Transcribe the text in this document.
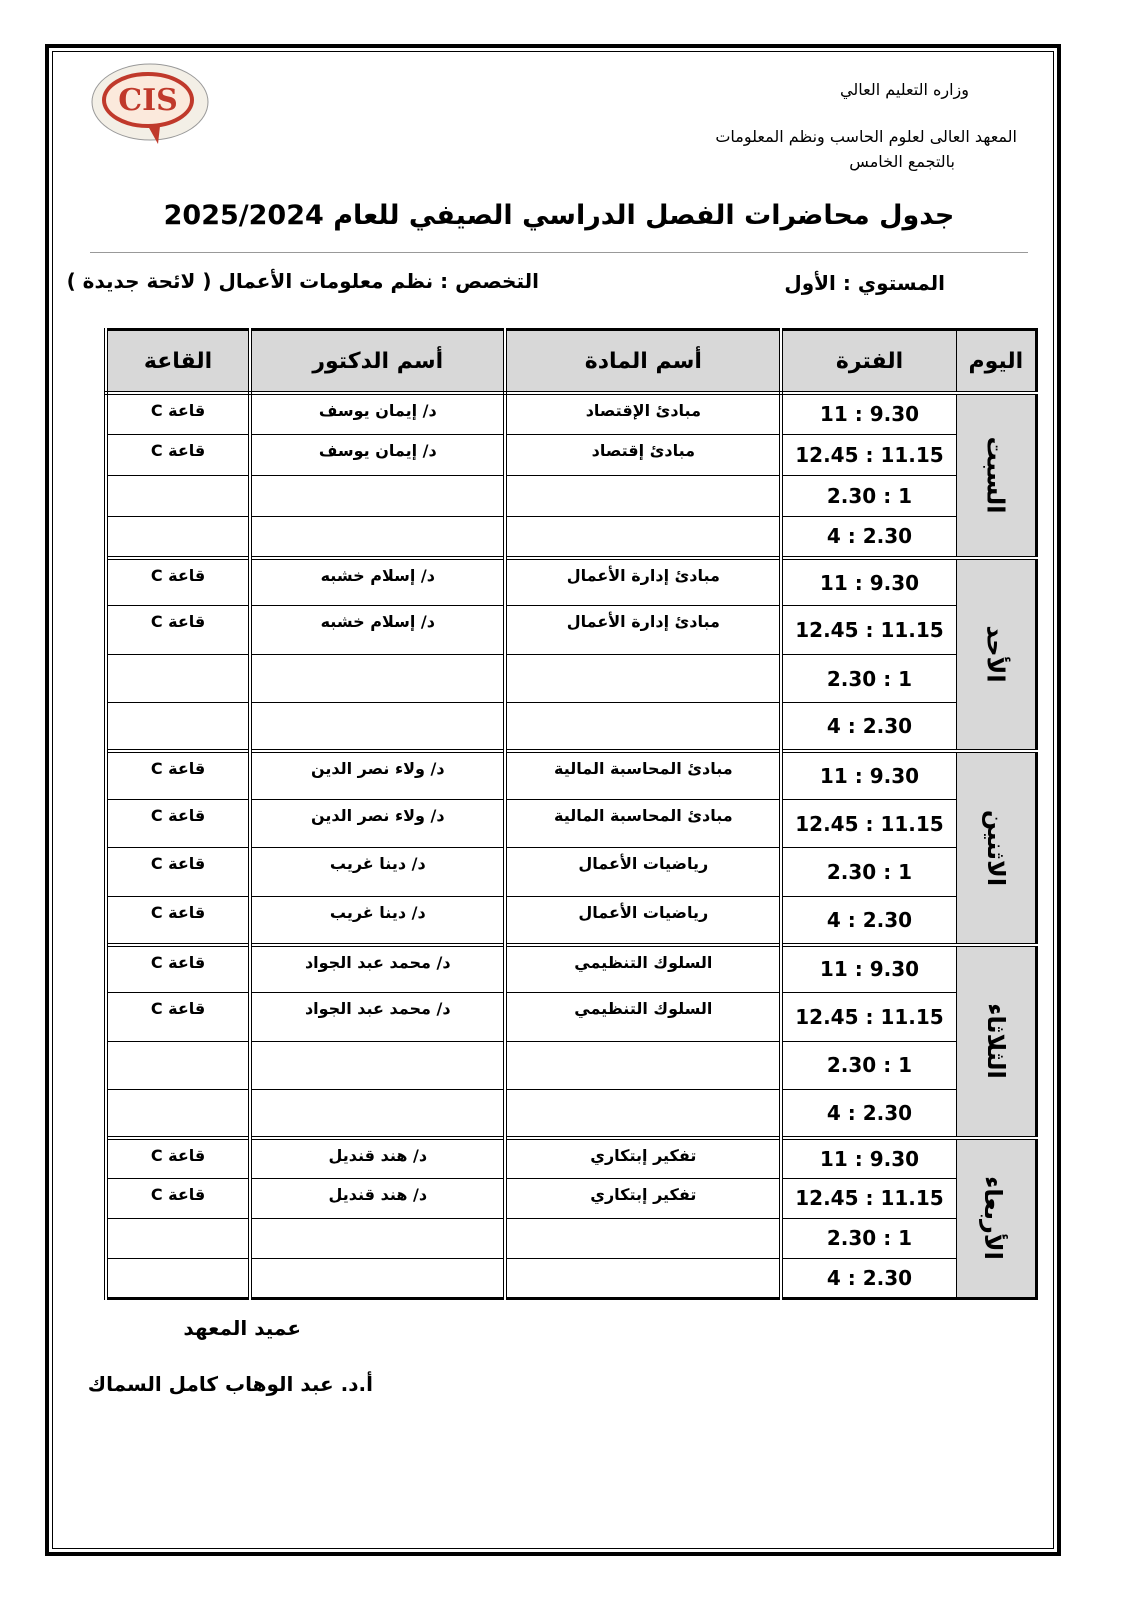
CIS	وزاره التعليم العالي
المعهد العالى لعلوم الحاسب ونظم المعلومات
بالتجمع الخامس
جدول محاضرات الفصل الدراسي الصيفي للعام 2025/2024
المستوي : الأول
التخصص : نظم معلومات الأعمال ( لائحة جديدة )
اليوم	الفترة	أسم المادة	أسم الدكتور	القاعة
السبت	9.30 : 11	مبادئ الإقتصاد	د/ إيمان يوسف	قاعة C
	11.15 : 12.45	مبادئ إقتصاد	د/ إيمان يوسف	قاعة C
	1 : 2.30			
	2.30 : 4			
الأحد	9.30 : 11	مبادئ إدارة الأعمال	د/ إسلام خشبه	قاعة C
	11.15 : 12.45	مبادئ إدارة الأعمال	د/ إسلام خشبه	قاعة C
	1 : 2.30			
	2.30 : 4			
الاثنين	9.30 : 11	مبادئ المحاسبة المالية	د/ ولاء نصر الدين	قاعة C
	11.15 : 12.45	مبادئ المحاسبة المالية	د/ ولاء نصر الدين	قاعة C
	1 : 2.30	رياضيات الأعمال	د/ دينا غريب	قاعة C
	2.30 : 4	رياضيات الأعمال	د/ دينا غريب	قاعة C
الثلاثاء	9.30 : 11	السلوك التنظيمي	د/ محمد عبد الجواد	قاعة C
	11.15 : 12.45	السلوك التنظيمي	د/ محمد عبد الجواد	قاعة C
	1 : 2.30			
	2.30 : 4			
الأربعاء	9.30 : 11	تفكير إبتكاري	د/ هند قنديل	قاعة C
	11.15 : 12.45	تفكير إبتكاري	د/ هند قنديل	قاعة C
	1 : 2.30			
	2.30 : 4			
عميد المعهد
أ.د. عبد الوهاب كامل السماك
